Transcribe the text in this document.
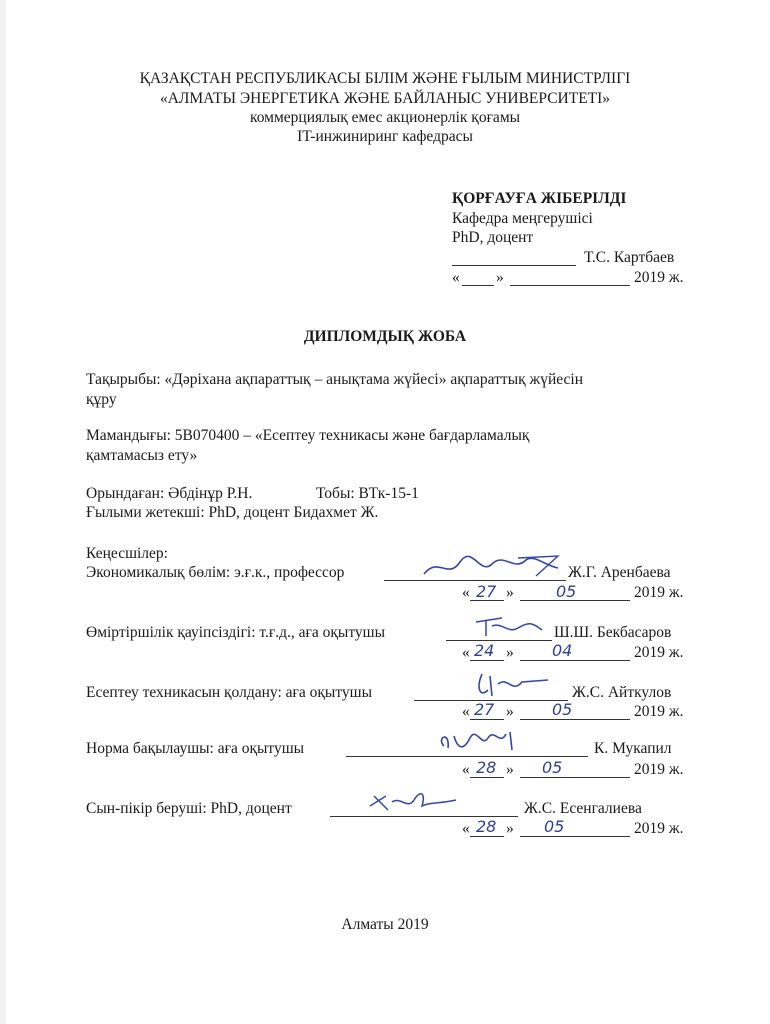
ҚАЗАҚСТАН РЕСПУБЛИКАСЫ БІЛІМ ЖӘНЕ ҒЫЛЫМ МИНИСТРЛІГІ
«АЛМАТЫ ЭНЕРГЕТИКА ЖӘНЕ БАЙЛАНЫС УНИВЕРСИТЕТІ»
коммерциялық емес акционерлік қоғамы
IT-инжиниринг кафедрасы
ҚОРҒАУҒА ЖІБЕРІЛДІ
Кафедра меңгерушісі
PhD, доцент
Т.С. Картбаев
« »	2019 ж.
ДИПЛОМДЫҚ ЖОБА
Тақырыбы: «Дәріхана ақпараттық – анықтама жүйесі» ақпараттық жүйесін
құру
Мамандығы: 5В070400 – «Есептеу техникасы және бағдарламалық
қамтамасыз ету»
Орындаған: Әбдінұр Р.Н.	Тобы: ВТк-15-1
Ғылыми жетекші: PhD, доцент Бидахмет Ж.
Кеңесшілер:
Экономикалық бөлім: э.ғ.к., профессор	Ж.Г. Аренбаева
« 27 »	05	2019 ж.
Өміртіршілік қауіпсіздігі: т.ғ.д., аға оқытушы	Ш.Ш. Бекбасаров
« 24 » 04	2019 ж.
Есептеу техникасын қолдану: аға оқытушы	Ж.С. Айткулов
« 27 » 05	2019 ж.
Норма бақылаушы: аға оқытушы	К. Мукапил
« 28 » 05	2019 ж.
Сын-пікір беруші: PhD, доцент	Ж.С. Есенгалиева
« 28 » 05	2019 ж.
Алматы 2019
